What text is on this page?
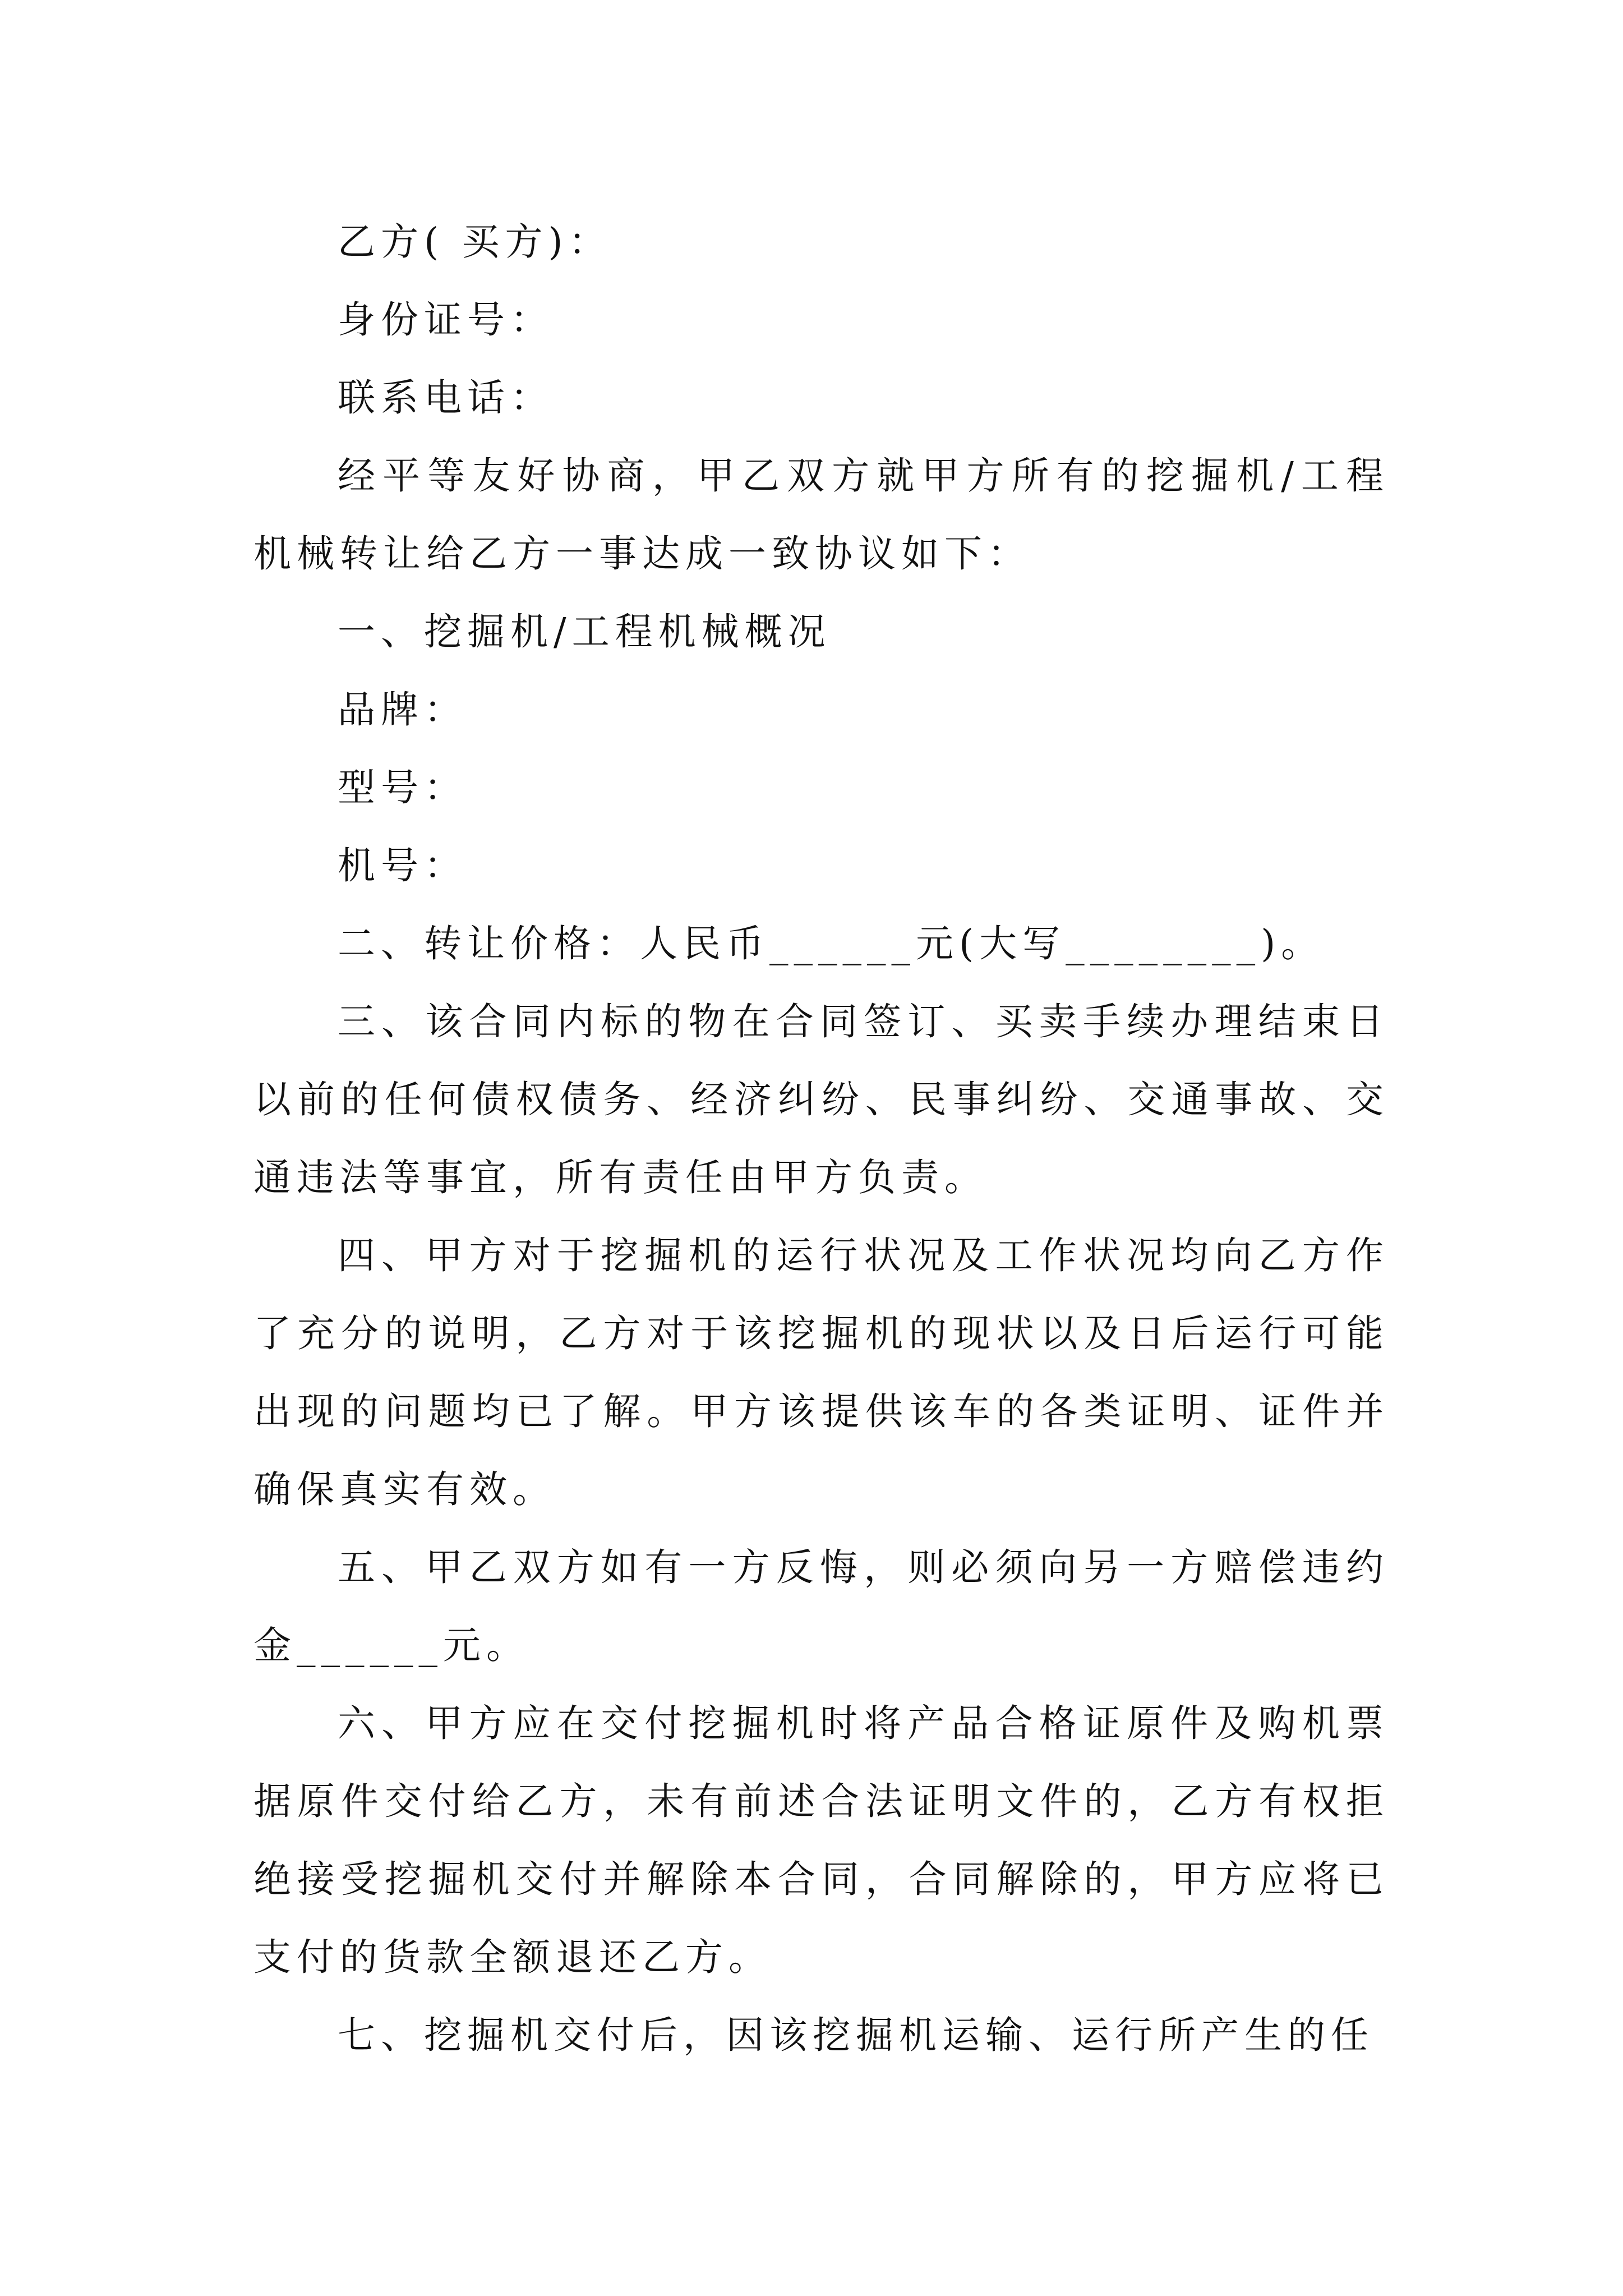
乙方( 买方)：

身份证号：

联系电话：

经平等友好协商，甲乙双方就甲方所有的挖掘机/工程机械转让给乙方一事达成一致协议如下：

一、挖掘机/工程机械概况

品牌：

型号：

机号：

二、转让价格：人民币______元(大写________)。

三、该合同内标的物在合同签订、买卖手续办理结束日以前的任何债权债务、经济纠纷、民事纠纷、交通事故、交通违法等事宜，所有责任由甲方负责。

四、甲方对于挖掘机的运行状况及工作状况均向乙方作了充分的说明，乙方对于该挖掘机的现状以及日后运行可能出现的问题均已了解。甲方该提供该车的各类证明、证件并确保真实有效。

五、甲乙双方如有一方反悔，则必须向另一方赔偿违约金______元。

六、甲方应在交付挖掘机时将产品合格证原件及购机票据原件交付给乙方，未有前述合法证明文件的，乙方有权拒绝接受挖掘机交付并解除本合同，合同解除的，甲方应将已支付的货款全额退还乙方。

七、挖掘机交付后，因该挖掘机运输、运行所产生的任
